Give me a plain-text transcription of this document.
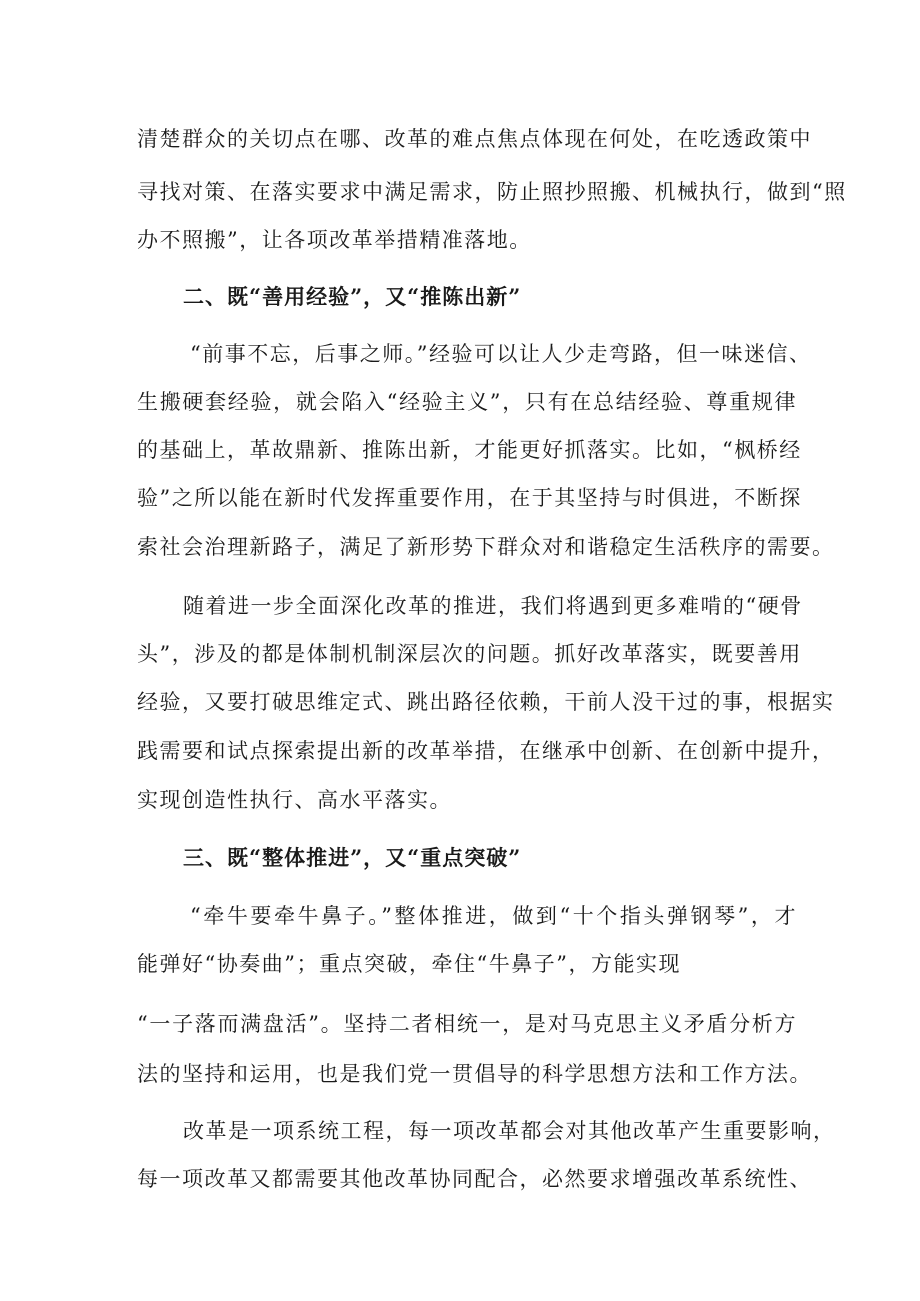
清楚群众的关切点在哪、改革的难点焦点体现在何处，在吃透政策中
寻找对策、在落实要求中满足需求，防止照抄照搬、机械执行，做到“照
办不照搬”，让各项改革举措精准落地。
二、既“善用经验”，又“推陈出新”
“前事不忘，后事之师。”经验可以让人少走弯路，但一味迷信、
生搬硬套经验，就会陷入“经验主义”，只有在总结经验、尊重规律
的基础上，革故鼎新、推陈出新，才能更好抓落实。比如，“枫桥经
验”之所以能在新时代发挥重要作用，在于其坚持与时俱进，不断探
索社会治理新路子，满足了新形势下群众对和谐稳定生活秩序的需要。
随着进一步全面深化改革的推进，我们将遇到更多难啃的“硬骨
头”，涉及的都是体制机制深层次的问题。抓好改革落实，既要善用
经验，又要打破思维定式、跳出路径依赖，干前人没干过的事，根据实
践需要和试点探索提出新的改革举措，在继承中创新、在创新中提升，
实现创造性执行、高水平落实。
三、既“整体推进”，又“重点突破”
“牵牛要牵牛鼻子。”整体推进，做到“十个指头弹钢琴”，才
能弹好“协奏曲”；重点突破，牵住“牛鼻子”，方能实现
“一子落而满盘活”。坚持二者相统一，是对马克思主义矛盾分析方
法的坚持和运用，也是我们党一贯倡导的科学思想方法和工作方法。
改革是一项系统工程，每一项改革都会对其他改革产生重要影响，
每一项改革又都需要其他改革协同配合，必然要求增强改革系统性、
